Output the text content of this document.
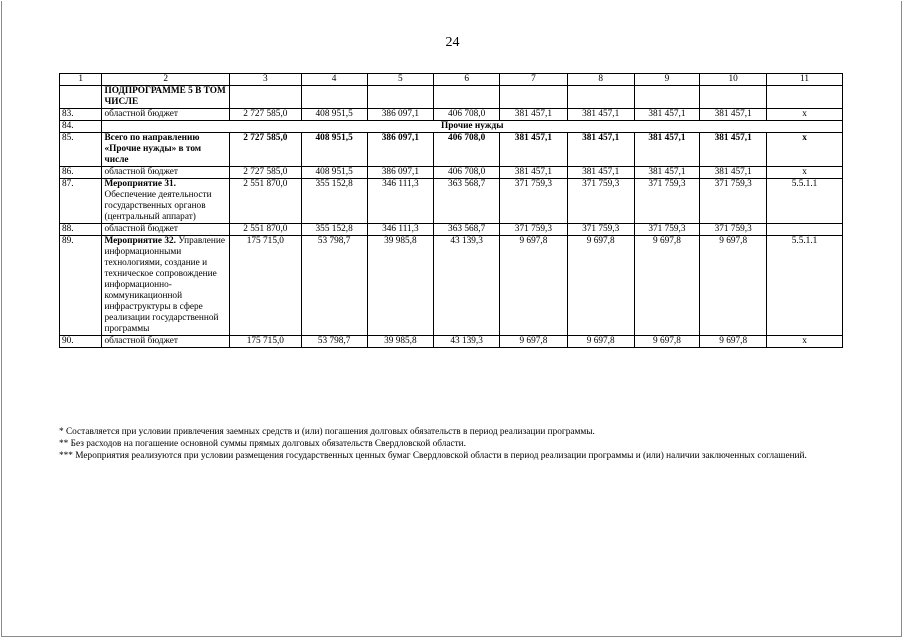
24
1	2	3	4	5	6	7	8	9	10	11
	ПОДПРОГРАММЕ 5 В ТОМ ЧИСЛЕ									
83.	областной бюджет	2 727 585,0	408 951,5	386 097,1	406 708,0	381 457,1	381 457,1	381 457,1	381 457,1	х
84.	Прочие нужды									
85.	Всего по направлению «Прочие нужды» в том числе	2 727 585,0	408 951,5	386 097,1	406 708,0	381 457,1	381 457,1	381 457,1	381 457,1	х
86.	областной бюджет	2 727 585,0	408 951,5	386 097,1	406 708,0	381 457,1	381 457,1	381 457,1	381 457,1	х
87.	Мероприятие 31. Обеспечение деятельности государственных органов (центральный аппарат)	2 551 870,0	355 152,8	346 111,3	363 568,7	371 759,3	371 759,3	371 759,3	371 759,3	5.5.1.1
88.	областной бюджет	2 551 870,0	355 152,8	346 111,3	363 568,7	371 759,3	371 759,3	371 759,3	371 759,3	
89.	Мероприятие 32. Управление информационными технологиями, создание и техническое сопровождение информационно-коммуникационной инфраструктуры в сфере реализации государственной программы	175 715,0	53 798,7	39 985,8	43 139,3	9 697,8	9 697,8	9 697,8	9 697,8	5.5.1.1
90.	областной бюджет	175 715,0	53 798,7	39 985,8	43 139,3	9 697,8	9 697,8	9 697,8	9 697,8	х

* Составляется при условии привлечения заемных средств и (или) погашения долговых обязательств в период реализации программы.

** Без расходов на погашение основной суммы прямых долговых обязательств Свердловской области.

*** Мероприятия реализуются при условии размещения государственных ценных бумаг Свердловской области в период реализации программы и (или) наличии заключенных соглашений.
